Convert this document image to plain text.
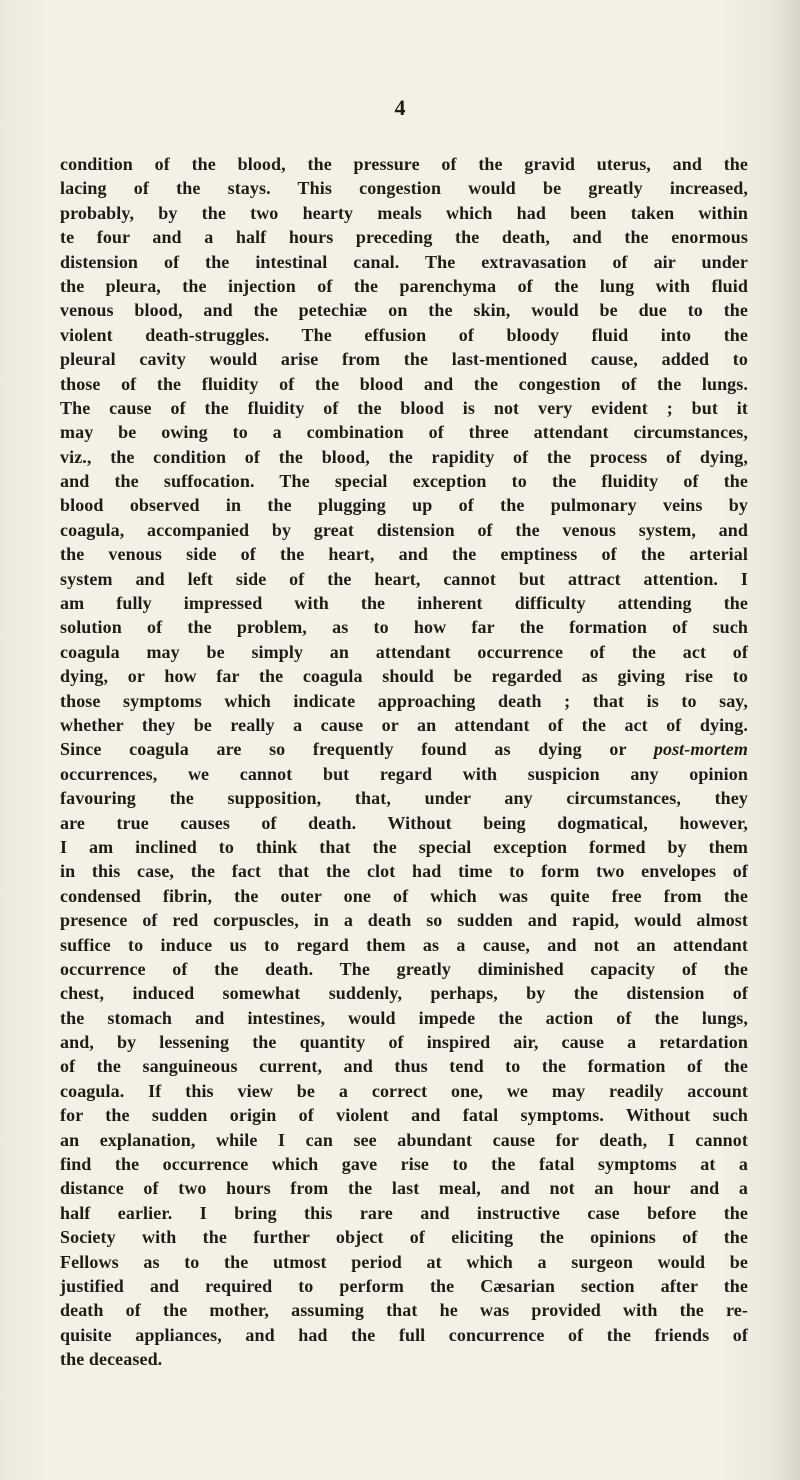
4
condition of the blood, the pressure of the gravid uterus, and the
lacing of the stays. This congestion would be greatly increased,
probably, by the two hearty meals which had been taken within
te four and a half hours preceding the death, and the enormous
distension of the intestinal canal. The extravasation of air under
the pleura, the injection of the parenchyma of the lung with fluid
venous blood, and the petechiæ on the skin, would be due to the
violent death-struggles. The effusion of bloody fluid into the
pleural cavity would arise from the last-mentioned cause, added to
those of the fluidity of the blood and the congestion of the lungs.
The cause of the fluidity of the blood is not very evident ; but it
may be owing to a combination of three attendant circumstances,
viz., the condition of the blood, the rapidity of the process of dying,
and the suffocation. The special exception to the fluidity of the
blood observed in the plugging up of the pulmonary veins by
coagula, accompanied by great distension of the venous system, and
the venous side of the heart, and the emptiness of the arterial
system and left side of the heart, cannot but attract attention. I
am fully impressed with the inherent difficulty attending the
solution of the problem, as to how far the formation of such
coagula may be simply an attendant occurrence of the act of
dying, or how far the coagula should be regarded as giving rise to
those symptoms which indicate approaching death ; that is to say,
whether they be really a cause or an attendant of the act of dying.
Since coagula are so frequently found as dying or post-mortem
occurrences, we cannot but regard with suspicion any opinion
favouring the supposition, that, under any circumstances, they
are true causes of death. Without being dogmatical, however,
I am inclined to think that the special exception formed by them
in this case, the fact that the clot had time to form two envelopes of
condensed fibrin, the outer one of which was quite free from the
presence of red corpuscles, in a death so sudden and rapid, would almost
suffice to induce us to regard them as a cause, and not an attendant
occurrence of the death. The greatly diminished capacity of the
chest, induced somewhat suddenly, perhaps, by the distension of
the stomach and intestines, would impede the action of the lungs,
and, by lessening the quantity of inspired air, cause a retardation
of the sanguineous current, and thus tend to the formation of the
coagula. If this view be a correct one, we may readily account
for the sudden origin of violent and fatal symptoms. Without such
an explanation, while I can see abundant cause for death, I cannot
find the occurrence which gave rise to the fatal symptoms at a
distance of two hours from the last meal, and not an hour and a
half earlier. I bring this rare and instructive case before the
Society with the further object of eliciting the opinions of the
Fellows as to the utmost period at which a surgeon would be
justified and required to perform the Cæsarian section after the
death of the mother, assuming that he was provided with the re-
quisite appliances, and had the full concurrence of the friends of
the deceased.
